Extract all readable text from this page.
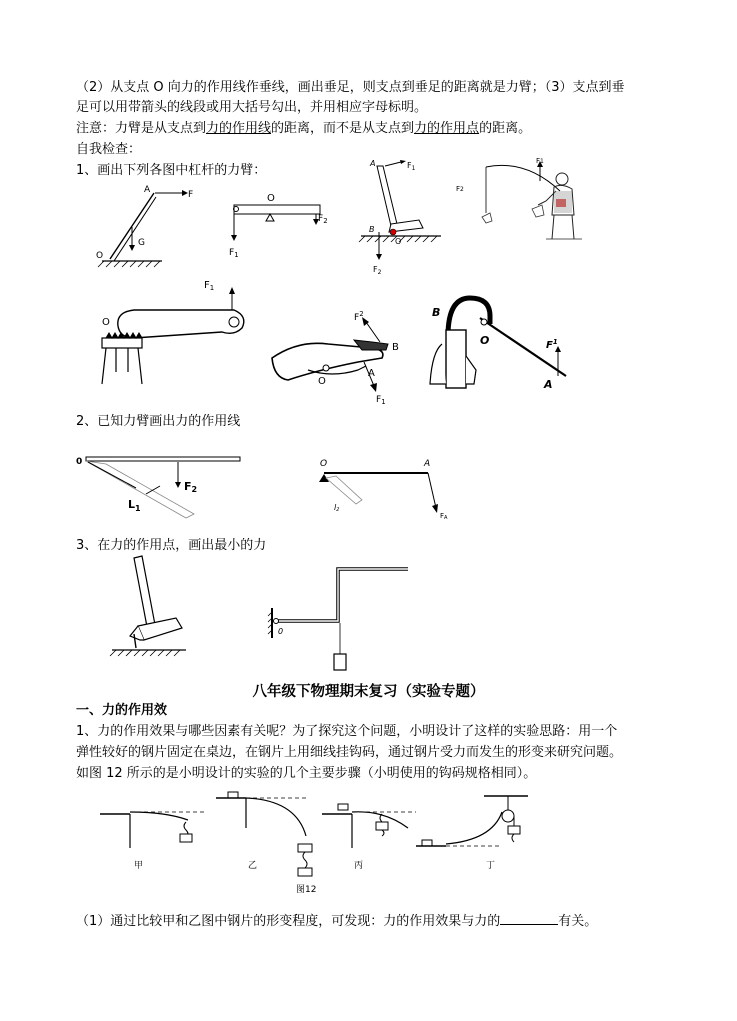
（2）从支点 O 向力的作用线作垂线，画出垂足，则支点到垂足的距离就是力臂；（3）支点到垂
足可以用带箭头的线段或用大括号勾出，并用相应字母标明。
注意：力臂是从支点到力的作用线的距离，而不是从支点到力的作用点的距离。
自我检查：
1、画出下列各图中杠杆的力臂：
A	F
G
O
O
$F_1$
$F_2$
A	$F_1$
B
O
$F_2$
F1
F2
O
$F_1$
O
B
$F^2$
A
$F_1$
B
O
A
$F^1$
2、已知力臂画出力的作用线
0
F2
$L_1$
O	A
FA
l2
3、在力的作用点，画出最小的力
0
八年级下物理期末复习（实验专题）
一、力的作用效
1、力的作用效果与哪些因素有关呢？为了探究这个问题，小明设计了这样的实验思路：用一个
弹性较好的钢片固定在桌边，在钢片上用细线挂钩码，通过钢片受力而发生的形变来研究问题。
如图 12 所示的是小明设计的实验的几个主要步骤（小明使用的钩码规格相同）。
甲	乙	丙	丁
图12
（1）通过比较甲和乙图中钢片的形变程度，可发现：力的作用效果与力的	有关。
